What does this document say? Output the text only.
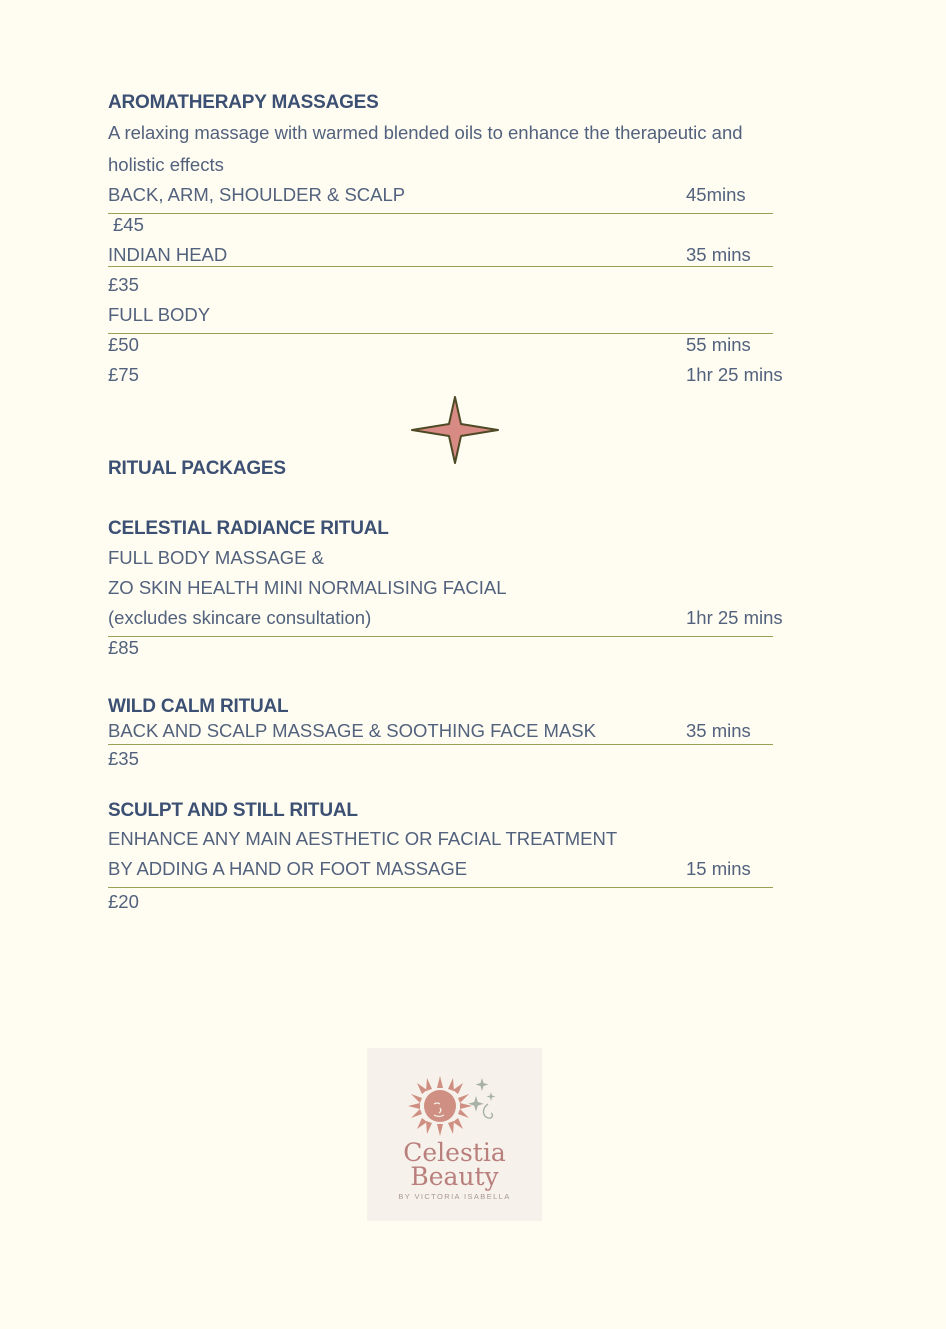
AROMATHERAPY MASSAGES
A relaxing massage with warmed blended oils to enhance the therapeutic and
holistic effects
BACK, ARM, SHOULDER & SCALP	45mins
£45
INDIAN HEAD	35 mins
£35
FULL BODY
£50	55 mins
£75	1hr 25 mins
RITUAL PACKAGES
CELESTIAL RADIANCE RITUAL
FULL BODY MASSAGE &
ZO SKIN HEALTH MINI NORMALISING FACIAL
(excludes skincare consultation)	1hr 25 mins
£85
WILD CALM RITUAL
BACK AND SCALP MASSAGE & SOOTHING FACE MASK	35 mins
£35
SCULPT AND STILL RITUAL
ENHANCE ANY MAIN AESTHETIC OR FACIAL TREATMENT
BY ADDING A HAND OR FOOT MASSAGE	15 mins
£20
Celestia
Beauty
BY VICTORIA ISABELLA
